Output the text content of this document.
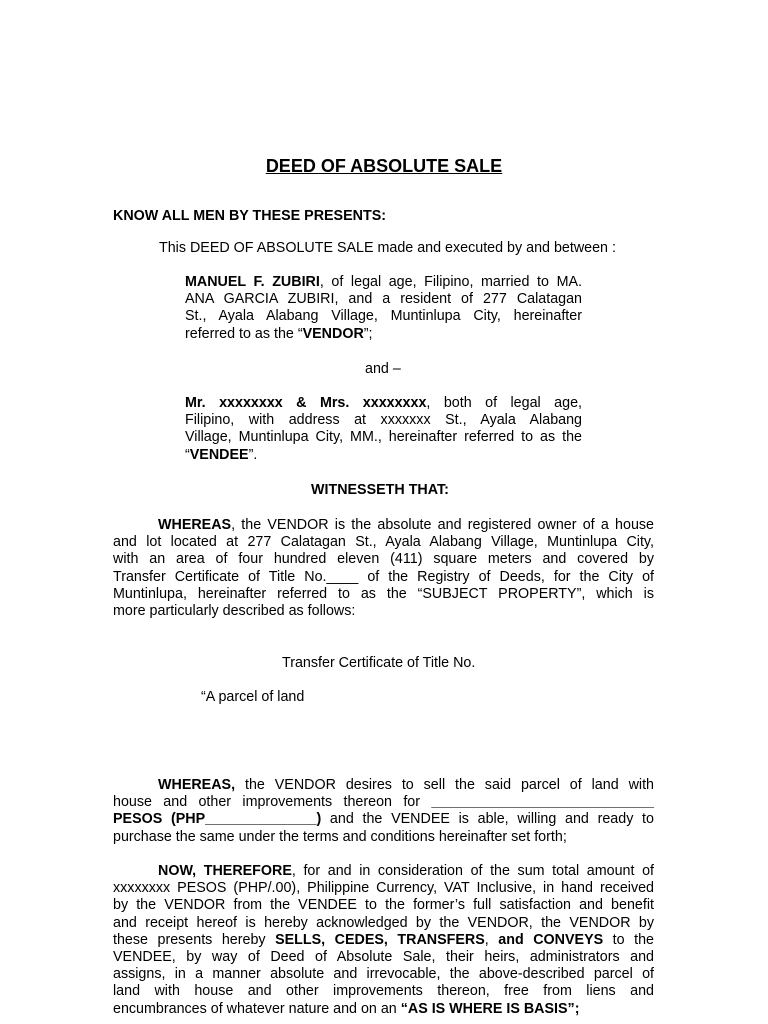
DEED OF ABSOLUTE SALE
KNOW ALL MEN BY THESE PRESENTS:
This DEED OF ABSOLUTE SALE made and executed by and between :
MANUEL F. ZUBIRI, of legal age, Filipino, married to MA.
ANA GARCIA ZUBIRI, and a resident of 277 Calatagan
St., Ayala Alabang Village, Muntinlupa City, hereinafter
referred to as the “VENDOR”;
and –
Mr. xxxxxxxx & Mrs. xxxxxxxx, both of legal age,
Filipino, with address at xxxxxxx St., Ayala Alabang
Village, Muntinlupa City, MM., hereinafter referred to as the
“VENDEE”.
WITNESSETH THAT:
WHEREAS, the VENDOR is the absolute and registered owner of a house
and lot located at 277 Calatagan St., Ayala Alabang Village, Muntinlupa City,
with an area of four hundred eleven (411) square meters and covered by
Transfer Certificate of Title No.____ of the Registry of Deeds, for the City of
Muntinlupa, hereinafter referred to as the “SUBJECT PROPERTY”, which is
more particularly described as follows:
Transfer Certificate of Title No.
“A parcel of land
WHEREAS, the VENDOR desires to sell the said parcel of land with
house and other improvements thereon for ____________________________
PESOS (PHP______________) and the VENDEE is able, willing and ready to
purchase the same under the terms and conditions hereinafter set forth;
NOW, THEREFORE, for and in consideration of the sum total amount of
xxxxxxxx PESOS (PHP/.00), Philippine Currency, VAT Inclusive, in hand received
by the VENDOR from the VENDEE to the former’s full satisfaction and benefit
and receipt hereof is hereby acknowledged by the VENDOR, the VENDOR by
these presents hereby SELLS, CEDES, TRANSFERS, and CONVEYS to the
VENDEE, by way of Deed of Absolute Sale, their heirs, administrators and
assigns, in a manner absolute and irrevocable, the above-described parcel of
land with house and other improvements thereon, free from liens and
encumbrances of whatever nature and on an “AS IS WHERE IS BASIS”;
